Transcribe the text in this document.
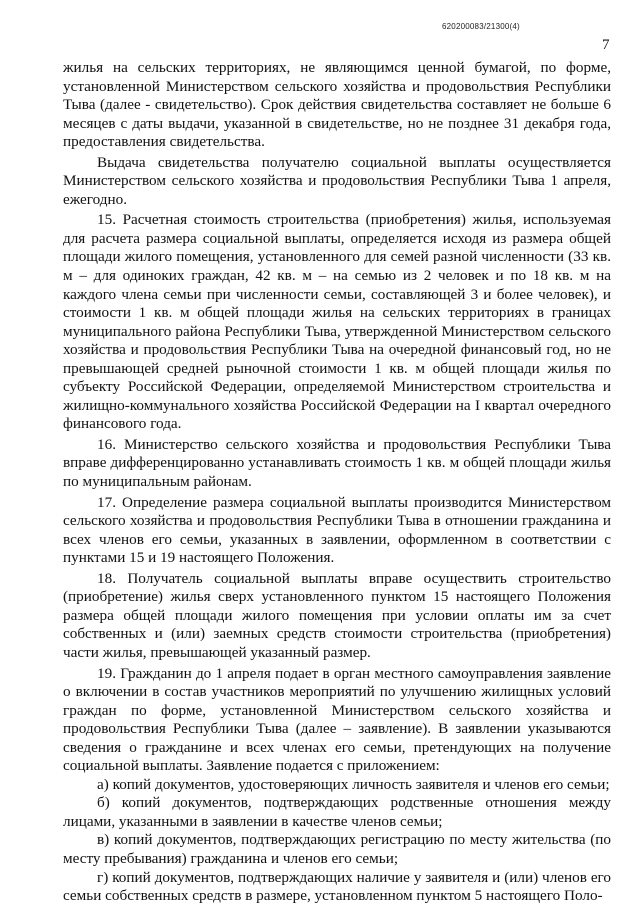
620200083/21300(4)
7

жилья на сельских территориях, не являющимся ценной бумагой, по форме, установленной Министерством сельского хозяйства и продовольствия Республики Тыва (далее - свидетельство). Срок действия свидетельства составляет не больше 6 месяцев с даты выдачи, указанной в свидетельстве, но не позднее 31 декабря года, предоставления свидетельства.

Выдача свидетельства получателю социальной выплаты осуществляется Министерством сельского хозяйства и продовольствия Республики Тыва 1 апреля, ежегодно.

15. Расчетная стоимость строительства (приобретения) жилья, используемая для расчета размера социальной выплаты, определяется исходя из размера общей площади жилого помещения, установленного для семей разной численности (33 кв. м – для одиноких граждан, 42 кв. м – на семью из 2 человек и по 18 кв. м на каждого члена семьи при численности семьи, составляющей 3 и более человек), и стоимости 1 кв. м общей площади жилья на сельских территориях в границах муниципального района Республики Тыва, утвержденной Министерством сельского хозяйства и продовольствия Республики Тыва на очередной финансовый год, но не превышающей средней рыночной стоимости 1 кв. м общей площади жилья по субъекту Российской Федерации, определяемой Министерством строительства и жилищно-коммунального хозяйства Российской Федерации на I квартал очередного финансового года.

16. Министерство сельского хозяйства и продовольствия Республики Тыва вправе дифференцированно устанавливать стоимость 1 кв. м общей площади жилья по муниципальным районам.

17. Определение размера социальной выплаты производится Министерством сельского хозяйства и продовольствия Республики Тыва в отношении гражданина и всех членов его семьи, указанных в заявлении, оформленном в соответствии с пунктами 15 и 19 настоящего Положения.

18. Получатель социальной выплаты вправе осуществить строительство (приобретение) жилья сверх установленного пунктом 15 настоящего Положения размера общей площади жилого помещения при условии оплаты им за счет собственных и (или) заемных средств стоимости строительства (приобретения) части жилья, превышающей указанный размер.

19. Гражданин до 1 апреля подает в орган местного самоуправления заявление о включении в состав участников мероприятий по улучшению жилищных условий граждан по форме, установленной Министерством сельского хозяйства и продовольствия Республики Тыва (далее – заявление). В заявлении указываются сведения о гражданине и всех членах его семьи, претендующих на получение социальной выплаты. Заявление подается с приложением:

а) копий документов, удостоверяющих личность заявителя и членов его семьи;

б) копий документов, подтверждающих родственные отношения между лицами, указанными в заявлении в качестве членов семьи;

в) копий документов, подтверждающих регистрацию по месту жительства (по месту пребывания) гражданина и членов его семьи;

г) копий документов, подтверждающих наличие у заявителя и (или) членов его семьи собственных средств в размере, установленном пунктом 5 настоящего Поло-
